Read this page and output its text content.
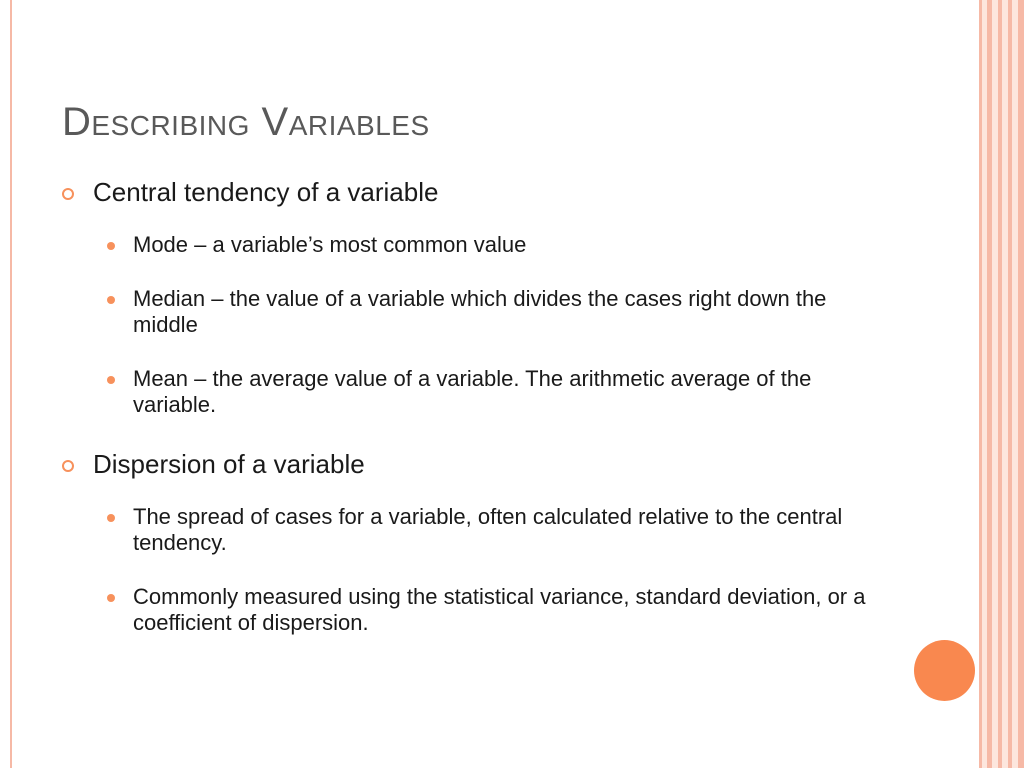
Describing Variables
Central tendency of a variable
Mode – a variable’s most common value
Median – the value of a variable which divides the cases right down the middle
Mean – the average value of a variable. The arithmetic average of the variable.
Dispersion of a variable
The spread of cases for a variable, often calculated relative to the central tendency.
Commonly measured using the statistical variance, standard deviation, or a coefficient of dispersion.
